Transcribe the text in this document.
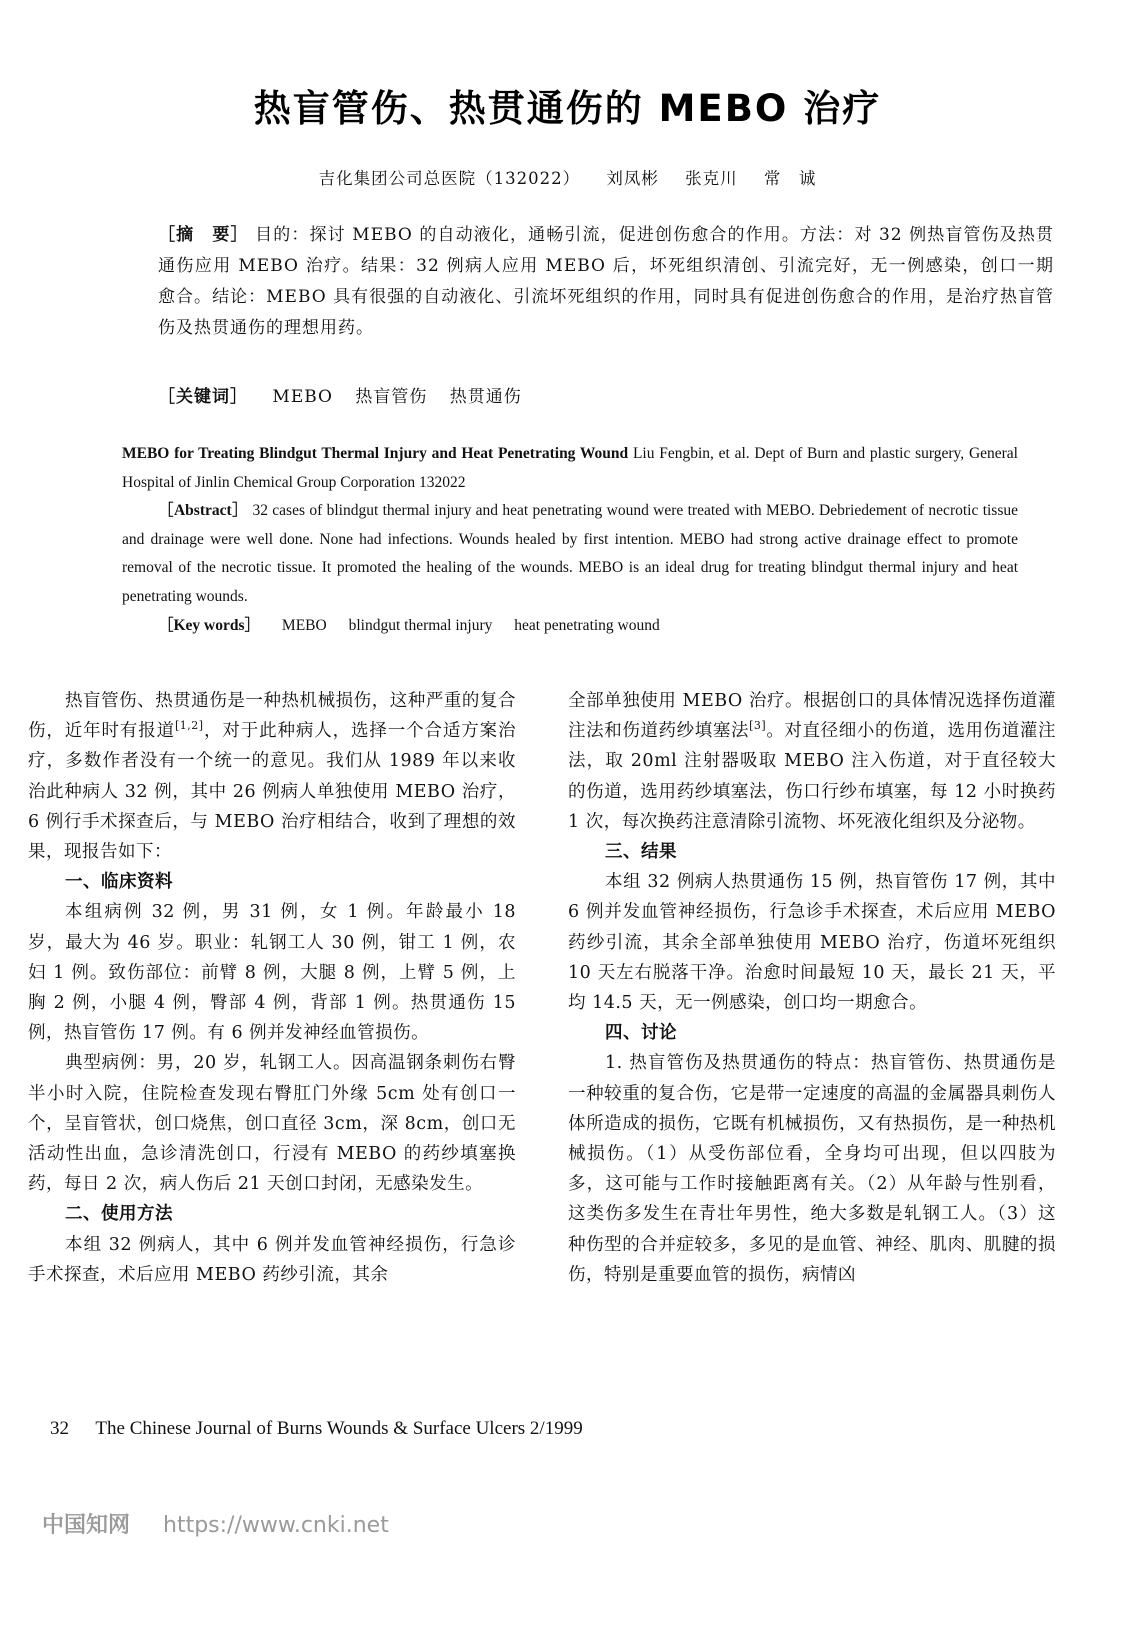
热盲管伤、热贯通伤的 MEBO 治疗
吉化集团公司总医院（132022） 刘凤彬 张克川 常　诚
［摘　要］ 目的：探讨 MEBO 的自动液化，通畅引流，促进创伤愈合的作用。方法：对 32 例热盲管伤及热贯通伤应用 MEBO 治疗。结果：32 例病人应用 MEBO 后，坏死组织清创、引流完好，无一例感染，创口一期愈合。结论：MEBO 具有很强的自动液化、引流坏死组织的作用，同时具有促进创伤愈合的作用，是治疗热盲管伤及热贯通伤的理想用药。
［关键词］ MEBO 热盲管伤 热贯通伤

MEBO for Treating Blindgut Thermal Injury and Heat Penetrating Wound Liu Fengbin, et al. Dept of Burn and plastic surgery, General Hospital of Jinlin Chemical Group Corporation 132022

［Abstract］ 32 cases of blindgut thermal injury and heat penetrating wound were treated with MEBO. Debriedement of necrotic tissue and drainage were well done. None had infections. Wounds healed by first intention. MEBO had strong active drainage effect to promote removal of the necrotic tissue. It promoted the healing of the wounds. MEBO is an ideal drug for treating blindgut thermal injury and heat penetrating wounds.

［Key words］ MEBO blindgut thermal injury heat penetrating wound

热盲管伤、热贯通伤是一种热机械损伤，这种严重的复合伤，近年时有报道[1,2]，对于此种病人，选择一个合适方案治疗，多数作者没有一个统一的意见。我们从 1989 年以来收治此种病人 32 例，其中 26 例病人单独使用 MEBO 治疗，6 例行手术探查后，与 MEBO 治疗相结合，收到了理想的效果，现报告如下：

一、临床资料

本组病例 32 例，男 31 例，女 1 例。年龄最小 18 岁，最大为 46 岁。职业：轧钢工人 30 例，钳工 1 例，农妇 1 例。致伤部位：前臂 8 例，大腿 8 例，上臂 5 例，上胸 2 例，小腿 4 例，臀部 4 例，背部 1 例。热贯通伤 15 例，热盲管伤 17 例。有 6 例并发神经血管损伤。

典型病例：男，20 岁，轧钢工人。因高温钢条刺伤右臀半小时入院，住院检查发现右臀肛门外缘 5cm 处有创口一个，呈盲管状，创口烧焦，创口直径 3cm，深 8cm，创口无活动性出血，急诊清洗创口，行浸有 MEBO 的药纱填塞换药，每日 2 次，病人伤后 21 天创口封闭，无感染发生。

二、使用方法

本组 32 例病人，其中 6 例并发血管神经损伤，行急诊手术探查，术后应用 MEBO 药纱引流，其余

全部单独使用 MEBO 治疗。根据创口的具体情况选择伤道灌注法和伤道药纱填塞法[3]。对直径细小的伤道，选用伤道灌注法，取 20ml 注射器吸取 MEBO 注入伤道，对于直径较大的伤道，选用药纱填塞法，伤口行纱布填塞，每 12 小时换药 1 次，每次换药注意清除引流物、坏死液化组织及分泌物。

三、结果

本组 32 例病人热贯通伤 15 例，热盲管伤 17 例，其中 6 例并发血管神经损伤，行急诊手术探查，术后应用 MEBO 药纱引流，其余全部单独使用 MEBO 治疗，伤道坏死组织 10 天左右脱落干净。治愈时间最短 10 天，最长 21 天，平均 14.5 天，无一例感染，创口均一期愈合。

四、讨论

1. 热盲管伤及热贯通伤的特点：热盲管伤、热贯通伤是一种较重的复合伤，它是带一定速度的高温的金属器具刺伤人体所造成的损伤，它既有机械损伤，又有热损伤，是一种热机械损伤。（1）从受伤部位看，全身均可出现，但以四肢为多，这可能与工作时接触距离有关。（2）从年龄与性别看，这类伤多发生在青壮年男性，绝大多数是轧钢工人。（3）这种伤型的合并症较多，多见的是血管、神经、肌肉、肌腱的损伤，特别是重要血管的损伤，病情凶

32 The Chinese Journal of Burns Wounds & Surface Ulcers 2/1999
中国知网 https://www.cnki.net
